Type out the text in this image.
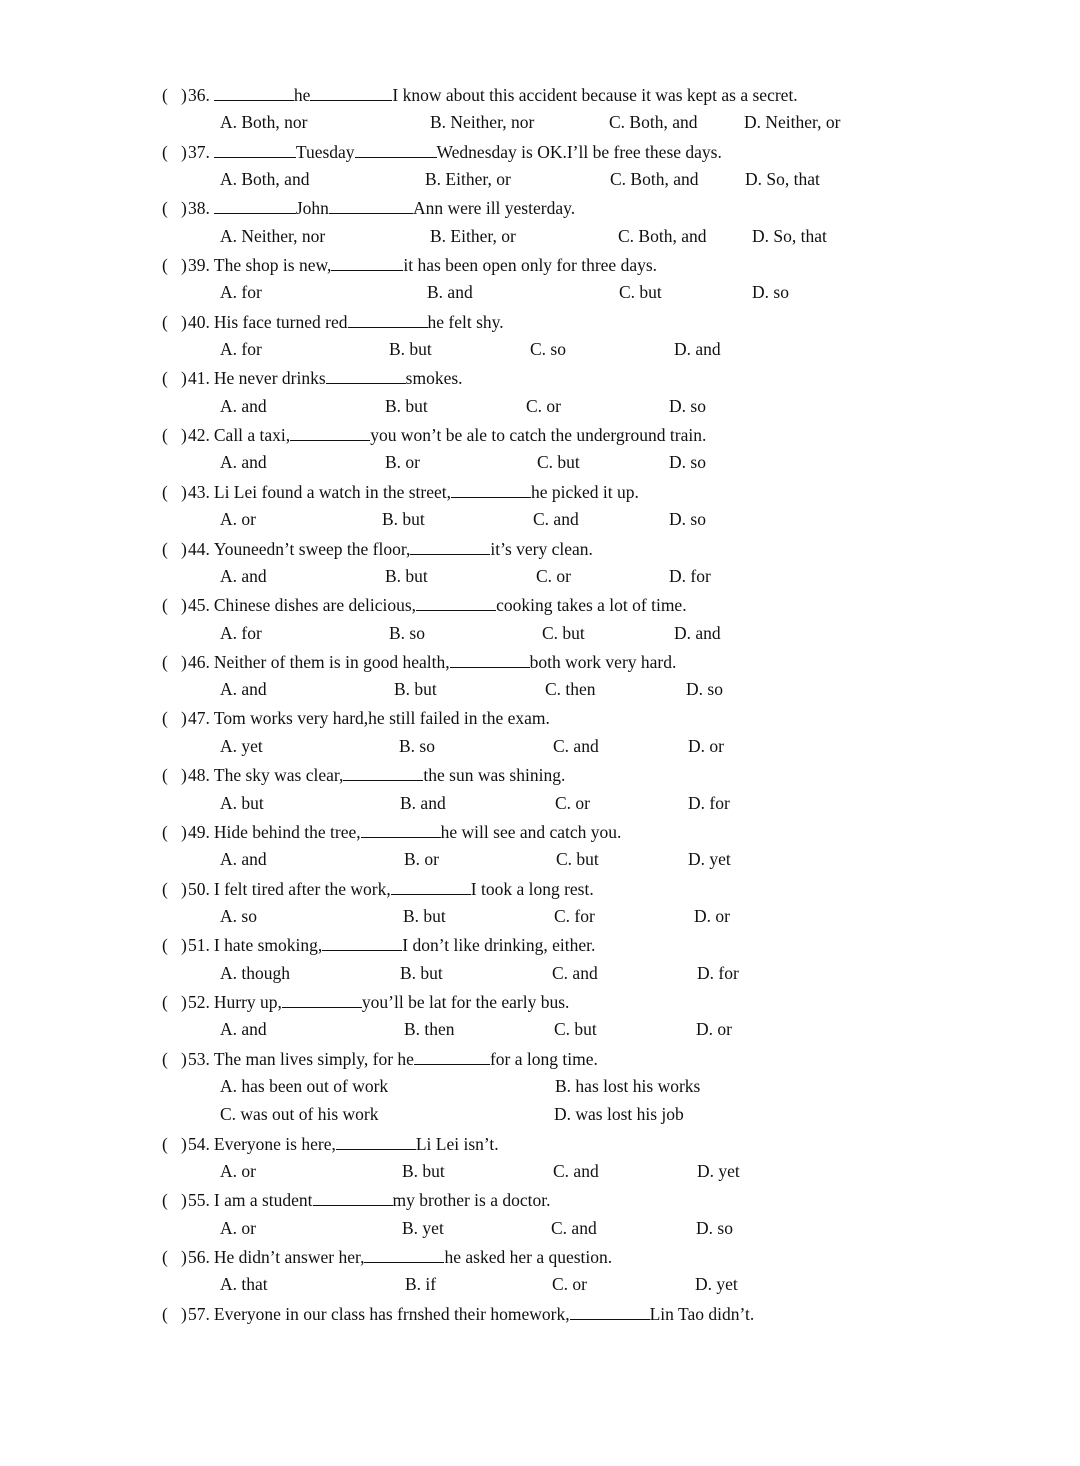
(   )36.	he	I know about this accident because it was kept as a secret.
A. Both, nor	B. Neither, nor	C. Both, and	D. Neither, or
(   )37.	Tuesday	Wednesday is OK.I’ll be free these days.
A. Both, and	B. Either, or	C. Both, and	D. So, that
(   )38.	John	Ann were ill yesterday.
A. Neither, nor	B. Either, or	C. Both, and	D. So, that
(   )39. The shop is new,	it has been open only for three days.
A. for	B. and	C. but	D. so
(   )40. His face turned red	he felt shy.
A. for	B. but	C. so	D. and
(   )41. He never drinks	smokes.
A. and	B. but	C. or	D. so
(   )42. Call a taxi,	you won’t be ale to catch the underground train.
A. and	B. or	C. but	D. so
(   )43. Li Lei found a watch in the street,	he picked it up.
A. or	B. but	C. and	D. so
(   )44. Youneedn’t sweep the floor,	it’s very clean.
A. and	B. but	C. or	D. for
(   )45. Chinese dishes are delicious,	cooking takes a lot of time.
A. for	B. so	C. but	D. and
(   )46. Neither of them is in good health,	both work very hard.
A. and	B. but	C. then	D. so
(   )47. Tom works very hard,he still failed in the exam.
A. yet	B. so	C. and	D. or
(   )48. The sky was clear,	the sun was shining.
A. but	B. and	C. or	D. for
(   )49. Hide behind the tree,	he will see and catch you.
A. and	B. or	C. but	D. yet
(   )50. I felt tired after the work,	I took a long rest.
A. so	B. but	C. for	D. or
(   )51. I hate smoking,	I don’t like drinking, either.
A. though	B. but	C. and	D. for
(   )52. Hurry up,	you’ll be lat for the early bus.
A. and	B. then	C. but	D. or
(   )53. The man lives simply, for he	for a long time.
A. has been out of work	B. has lost his works
C. was out of his work	D. was lost his job
(   )54. Everyone is here,	Li Lei isn’t.
A. or	B. but	C. and	D. yet
(   )55. I am a student	my brother is a doctor.
A. or	B. yet	C. and	D. so
(   )56. He didn’t answer her,	he asked her a question.
A. that	B. if	C. or	D. yet
(   )57. Everyone in our class has frnshed their homework,	Lin Tao didn’t.
